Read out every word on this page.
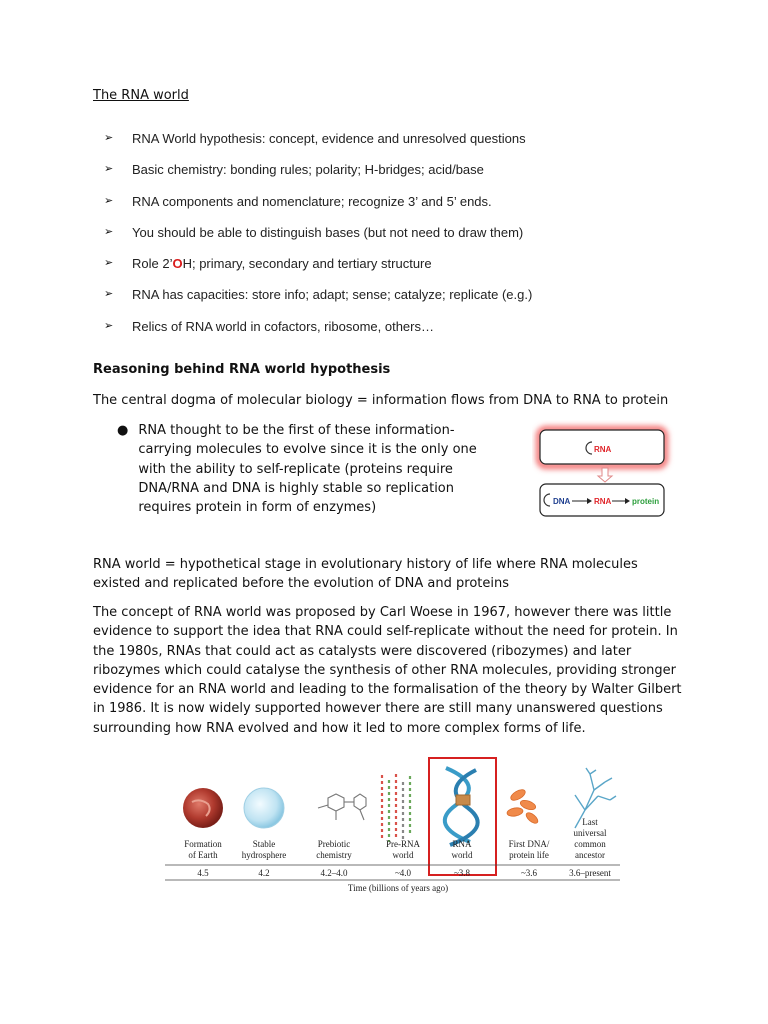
The RNA world
➢	RNA World hypothesis: concept, evidence and unresolved questions
➢	Basic chemistry: bonding rules; polarity; H-bridges; acid/base
➢	RNA components and nomenclature; recognize 3’ and 5’ ends.
➢	You should be able to distinguish bases (but not need to draw them)
➢	Role 2’OH; primary, secondary and tertiary structure
➢	RNA has capacities: store info; adapt; sense; catalyze; replicate (e.g.)
➢	Relics of RNA world in cofactors, ribosome, others…
Reasoning behind RNA world hypothesis
The central dogma of molecular biology = information flows from DNA to RNA to protein
● RNA thought to be the first of these information-carrying molecules to evolve since it is the only one with the ability to self-replicate (proteins require DNA/RNA and DNA is highly stable so replication requires protein in form of enzymes)
RNA
DNA	RNA	protein
RNA world = hypothetical stage in evolutionary history of life where RNA molecules existed and replicated before the evolution of DNA and proteins
The concept of RNA world was proposed by Carl Woese in 1967, however there was little evidence to support the idea that RNA could self-replicate without the need for protein. In the 1980s, RNAs that could act as catalysts were discovered (ribozymes) and later ribozymes which could catalyse the synthesis of other RNA molecules, providing stronger evidence for an RNA world and leading to the formalisation of the theory by Walter Gilbert in 1986. It is now widely supported however there are still many unanswered questions surrounding how RNA evolved and how it led to more complex forms of life.
Formation of Earth
Stable hydrosphere
Prebiotic chemistry
Pre-RNA world
RNA world
First DNA/ protein life
Last universal common ancestor
4.5	4.2	4.2–4.0	~4.0	~3.8	~3.6	3.6–present
Time (billions of years ago)
